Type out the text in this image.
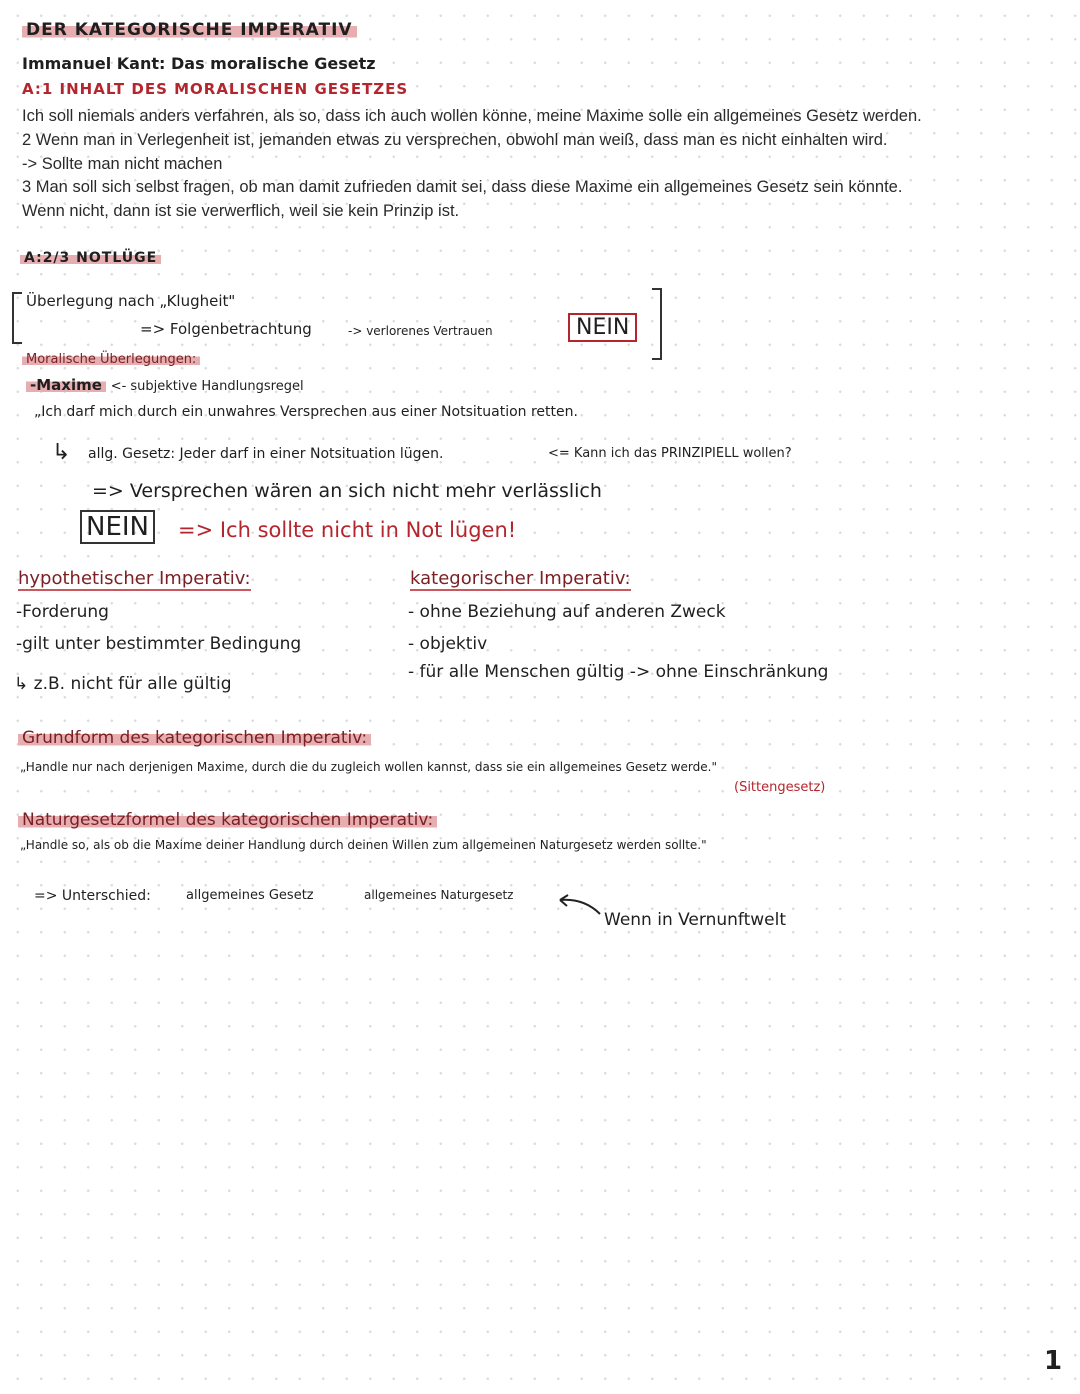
DER KATEGORISCHE IMPERATIV
Immanuel Kant: Das moralische Gesetz
A:1 INHALT DES MORALISCHEN GESETZES
Ich soll niemals anders verfahren, als so, dass ich auch wollen könne, meine Maxime solle ein allgemeines Gesetz werden.
2 Wenn man in Verlegenheit ist, jemanden etwas zu versprechen, obwohl man weiß, dass man es nicht einhalten wird.
-> Sollte man nicht machen
3 Man soll sich selbst fragen, ob man damit zufrieden damit sei, dass diese Maxime ein allgemeines Gesetz sein könnte.
Wenn nicht, dann ist sie verwerflich, weil sie kein Prinzip ist.
A:2/3 NOTLÜGE
Überlegung nach „Klugheit"
=> Folgenbetrachtung	-> verlorenes Vertrauen	NEIN
Moralische Überlegungen:
-Maxime <- subjektive Handlungsregel
„Ich darf mich durch ein unwahres Versprechen aus einer Notsituation retten.
↳ allg. Gesetz: Jeder darf in einer Notsituation lügen.	<= Kann ich das PRINZIPIELL wollen?
=> Versprechen wären an sich nicht mehr verlässlich
NEIN => Ich sollte nicht in Not lügen!
hypothetischer Imperativ:
-Forderung
-gilt unter bestimmter Bedingung
↳ z.B. nicht für alle gültig
kategorischer Imperativ:
- ohne Beziehung auf anderen Zweck
- objektiv
- für alle Menschen gültig -> ohne Einschränkung
Grundform des kategorischen Imperativ:
„Handle nur nach derjenigen Maxime, durch die du zugleich wollen kannst, dass sie ein allgemeines Gesetz werde."
(Sittengesetz)
Naturgesetzformel des kategorischen Imperativ:
„Handle so, als ob die Maxime deiner Handlung durch deinen Willen zum allgemeinen Naturgesetz werden sollte."
=> Unterschied:	allgemeines Gesetz	allgemeines Naturgesetz
Wenn in Vernunftwelt
1
